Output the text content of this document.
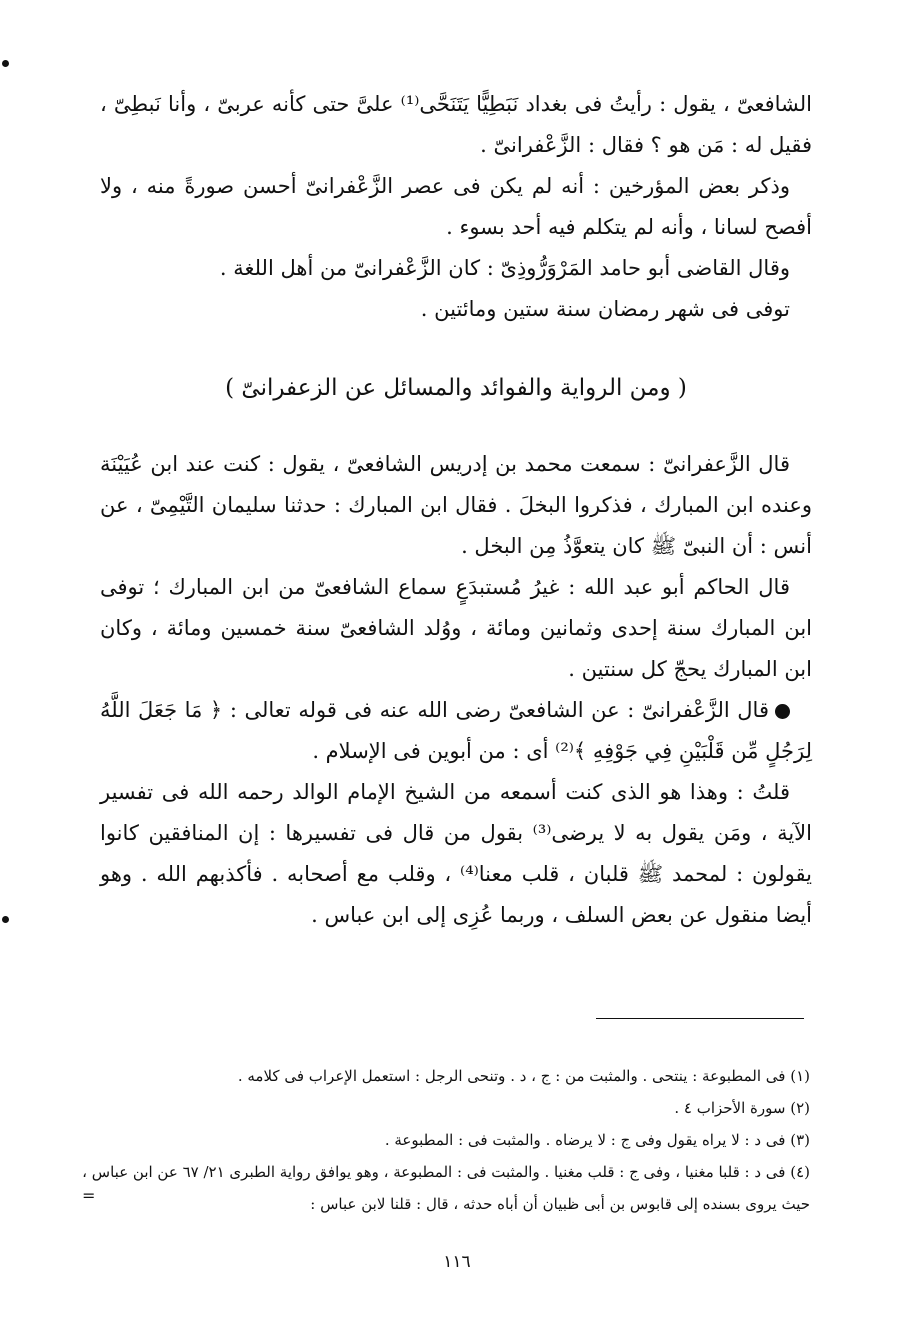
الشافعىّ ، يقول : رأيتُ فى بغداد نَبَطِيًّا يَتَنَحَّى⁽¹⁾ علىَّ حتى كأنه عربىّ ، وأنا نَبطِىّ ، فقيل له : مَن هو ؟ فقال : الزَّعْفرانىّ .

وذكر بعض المؤرخين : أنه لم يكن فى عصر الزَّعْفرانىّ أحسن صورةً منه ، ولا أفصح لسانا ، وأنه لم يتكلم فيه أحد بسوء .

وقال القاضى أبو حامد المَرْوَرُّوذِىّ : كان الزَّعْفرانىّ من أهل اللغة .

توفى فى شهر رمضان سنة ستين ومائتين .

( ومن الرواية والفوائد والمسائل عن الزعفرانىّ )

قال الزَّعفرانىّ : سمعت محمد بن إدريس الشافعىّ ، يقول : كنت عند ابن عُيَيْنَة وعنده ابن المبارك ، فذكروا البخلَ . فقال ابن المبارك : حدثنا سليمان التَّيْمِىّ ، عن أنس : أن النبىّ ﷺ كان يتعوَّذُ مِن البخل .

قال الحاكم أبو عبد الله : غيرُ مُستبدَعٍ سماع الشافعىّ من ابن المبارك ؛ توفى ابن المبارك سنة إحدى وثمانين ومائة ، ووُلد الشافعىّ سنة خمسين ومائة ، وكان ابن المبارك يحجّ كل سنتين .

قال الزَّعْفرانىّ : عن الشافعىّ رضى الله عنه فى قوله تعالى : ﴿ مَا جَعَلَ اللَّهُ لِرَجُلٍ مِّن قَلْبَيْنِ فِي جَوْفِهِ ﴾⁽²⁾ أى : من أبوين فى الإسلام .

قلتُ : وهذا هو الذى كنت أسمعه من الشيخ الإمام الوالد رحمه الله فى تفسير الآية ، ومَن يقول به لا يرضى⁽³⁾ بقول من قال فى تفسيرها : إن المنافقين كانوا يقولون : لمحمد ﷺ قلبان ، قلب معنا⁽⁴⁾ ، وقلب مع أصحابه . فأكذبهم الله . وهو أيضا منقول عن بعض السلف ، وربما عُزِى إلى ابن عباس .

(١) فى المطبوعة : ينتحى . والمثبت من : ج ، د . وتنحى الرجل : استعمل الإعراب فى كلامه .

(٢) سورة الأحزاب ٤ .

(٣) فى د : لا يراه يقول وفى ج : لا يرضاه . والمثبت فى : المطبوعة .

(٤) فى د : قلبا مغنيا ، وفى ج : قلب مغنيا . والمثبت فى : المطبوعة ، وهو يوافق رواية الطبرى ٢١/ ٦٧ عن ابن عباس ،

حيث يروى بسنده إلى قابوس بن أبى ظبيان أن أباه حدثه ، قال : قلنا لابن عباس :

=
١١٦
